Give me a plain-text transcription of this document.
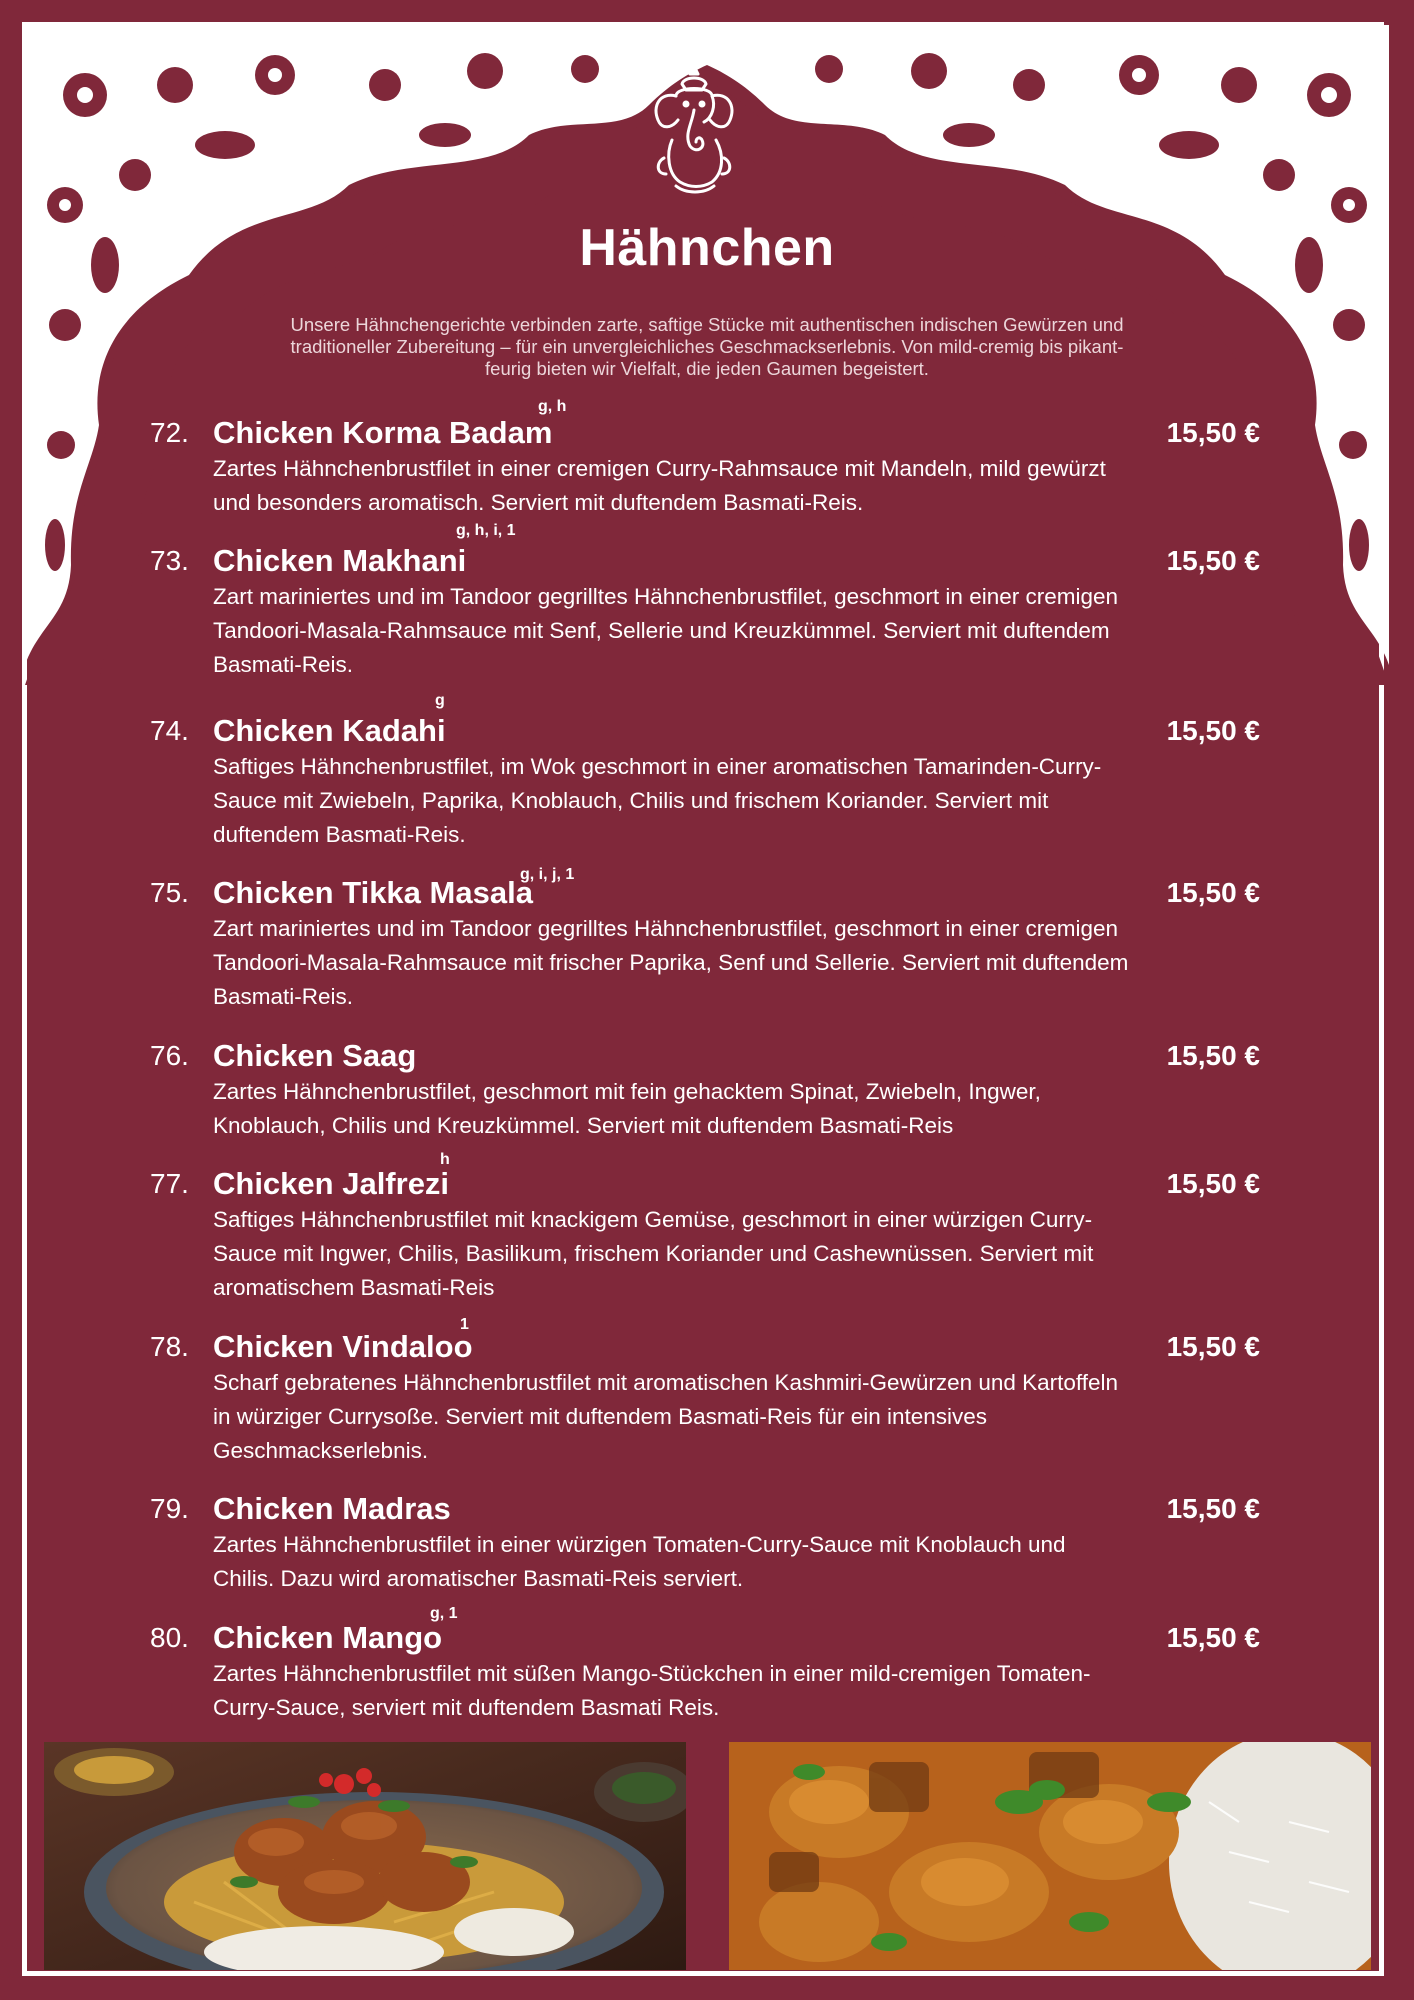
Hähnchen
Unsere Hähnchengerichte verbinden zarte, saftige Stücke mit authentischen indischen Gewürzen und traditioneller Zubereitung – für ein unvergleichliches Geschmackserlebnis. Von mild-cremig bis pikant-feurig bieten wir Vielfalt, die jeden Gaumen begeistert.
72. Chicken Korma Badam
g, h
15,50 €
Zartes Hähnchenbrustfilet in einer cremigen Curry-Rahmsauce mit Mandeln, mild gewürzt und besonders aromatisch. Serviert mit duftendem Basmati-Reis.
73. Chicken Makhani
g, h, i, 1
15,50 €
Zart mariniertes und im Tandoor gegrilltes Hähnchenbrustfilet, geschmort in einer cremigen Tandoori-Masala-Rahmsauce mit Senf, Sellerie und Kreuzkümmel. Serviert mit duftendem Basmati-Reis.
74. Chicken Kadahi
g
15,50 €
Saftiges Hähnchenbrustfilet, im Wok geschmort in einer aromatischen Tamarinden-Curry-Sauce mit Zwiebeln, Paprika, Knoblauch, Chilis und frischem Koriander. Serviert mit duftendem Basmati-Reis.
75. Chicken Tikka Masala
g, i, j, 1
15,50 €
Zart mariniertes und im Tandoor gegrilltes Hähnchenbrustfilet, geschmort in einer cremigen Tandoori-Masala-Rahmsauce mit frischer Paprika, Senf und Sellerie. Serviert mit duftendem Basmati-Reis.
76. Chicken Saag	15,50 €
Zartes Hähnchenbrustfilet, geschmort mit fein gehacktem Spinat, Zwiebeln, Ingwer, Knoblauch, Chilis und Kreuzkümmel. Serviert mit duftendem Basmati-Reis
77. Chicken Jalfrezi
h
15,50 €
Saftiges Hähnchenbrustfilet mit knackigem Gemüse, geschmort in einer würzigen Curry-Sauce mit Ingwer, Chilis, Basilikum, frischem Koriander und Cashewnüssen. Serviert mit aromatischem Basmati-Reis
78. Chicken Vindaloo
1
15,50 €
Scharf gebratenes Hähnchenbrustfilet mit aromatischen Kashmiri-Gewürzen und Kartoffeln in würziger Currysoße. Serviert mit duftendem Basmati-Reis für ein intensives Geschmackserlebnis.
79. Chicken Madras	15,50 €
Zartes Hähnchenbrustfilet in einer würzigen Tomaten-Curry-Sauce mit Knoblauch und Chilis. Dazu wird aromatischer Basmati-Reis serviert.
80. Chicken Mango
g, 1
15,50 €
Zartes Hähnchenbrustfilet mit süßen Mango-Stückchen in einer mild-cremigen Tomaten-Curry-Sauce, serviert mit duftendem Basmati Reis.
